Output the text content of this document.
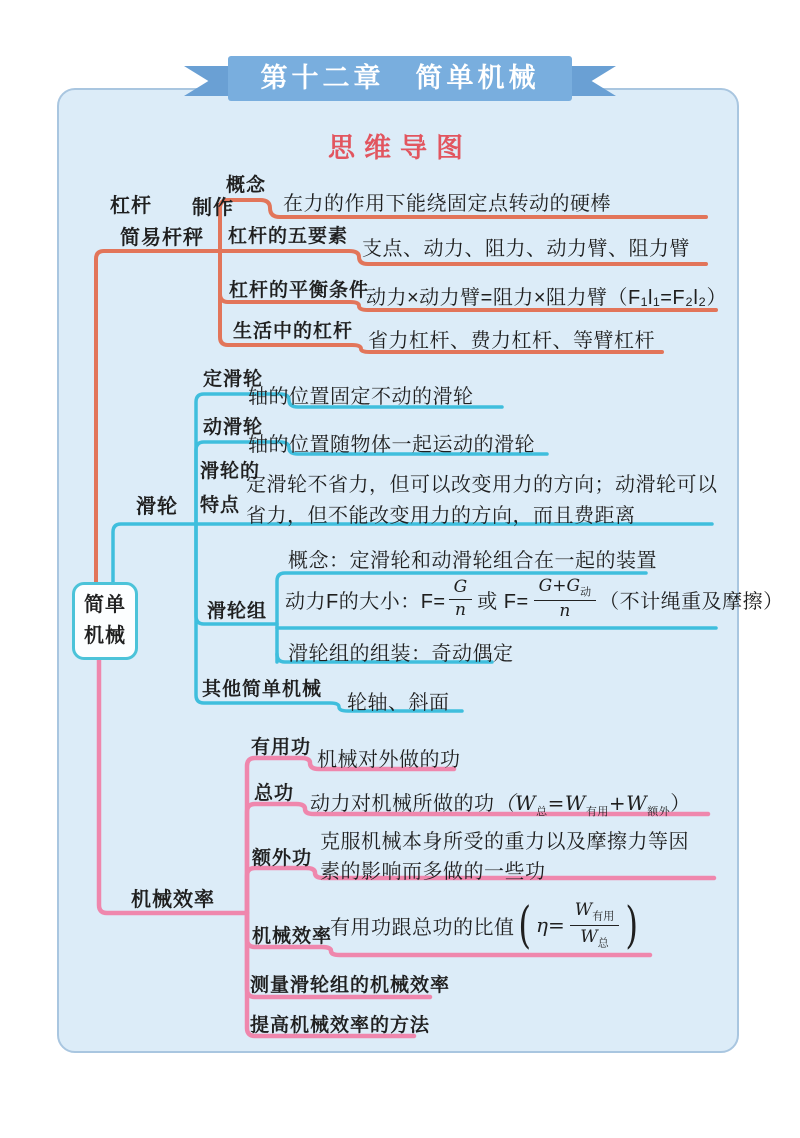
第十二章　简单机械
思维导图
简单
机械
杠杆 制作
简易杆秤
概念
在力的作用下能绕固定点转动的硬棒
杠杆的五要素
支点、动力、阻力、动力臂、阻力臂
杠杆的平衡条件
动力×动力臂=阻力×阻力臂（F₁l₁=F₂l₂）
生活中的杠杆 省力杠杆、费力杠杆、等臂杠杆
滑轮
定滑轮
轴的位置固定不动的滑轮
动滑轮
轴的位置随物体一起运动的滑轮
滑轮的
特点
定滑轮不省力，但可以改变用力的方向；动滑轮可以
省力，但不能改变用力的方向，而且费距离
滑轮组
概念：定滑轮和动滑轮组合在一起的装置
动力F的大小：$F= \frac{G}{n}$ 或 $F= \frac{G+G_动}{n}$ （不计绳重及摩擦）
滑轮组的组装：奇动偶定
其他简单机械
轮轴、斜面
机械效率
有用功
机械对外做的功
总功 动力对机械所做的功$(W_总=W_{有用}+W_{额外})$
额外功
克服机械本身所受的重力以及摩擦力等因
素的影响而多做的一些功
机械效率
有用功跟总功的比值 ( $\eta= \frac{W_{有用}}{W_总}$ )
测量滑轮组的机械效率
提高机械效率的方法
